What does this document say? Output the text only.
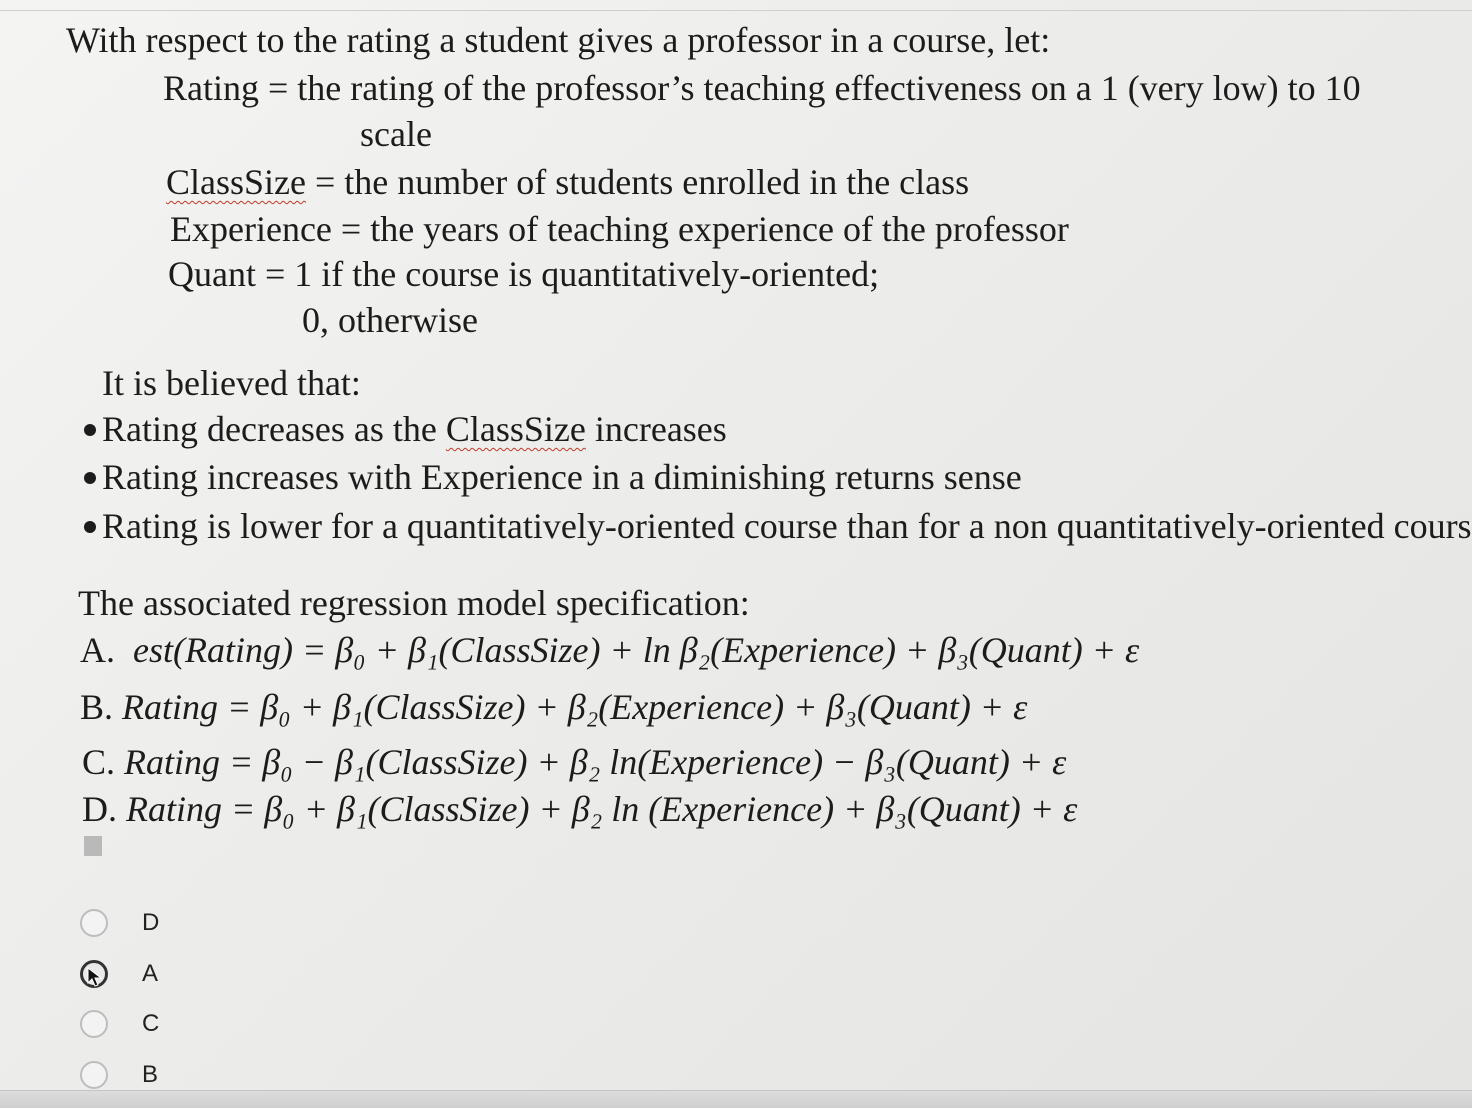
With respect to the rating a student gives a professor in a course, let:
Rating = the rating of the professor’s teaching effectiveness on a 1 (very low) to 10
scale
ClassSize = the number of students enrolled in the class
Experience = the years of teaching experience of the professor
Quant = 1 if the course is quantitatively-oriented;
0, otherwise
It is believed that:
Rating decreases as the ClassSize increases
Rating increases with Experience in a diminishing returns sense
Rating is lower for a quantitatively-oriented course than for a non quantitatively-oriented cours
The associated regression model specification:
A. est(Rating) = β₀ + β₁(ClassSize) + ln β₂(Experience) + β₃(Quant) + ε
B. Rating = β₀ + β₁(ClassSize) + β₂(Experience) + β₃(Quant) + ε
C. Rating = β₀ − β₁(ClassSize) + β₂ ln(Experience) − β₃(Quant) + ε
D. Rating = β₀ + β₁(ClassSize) + β₂ ln (Experience) + β₃(Quant) + ε
D
A
C
B
